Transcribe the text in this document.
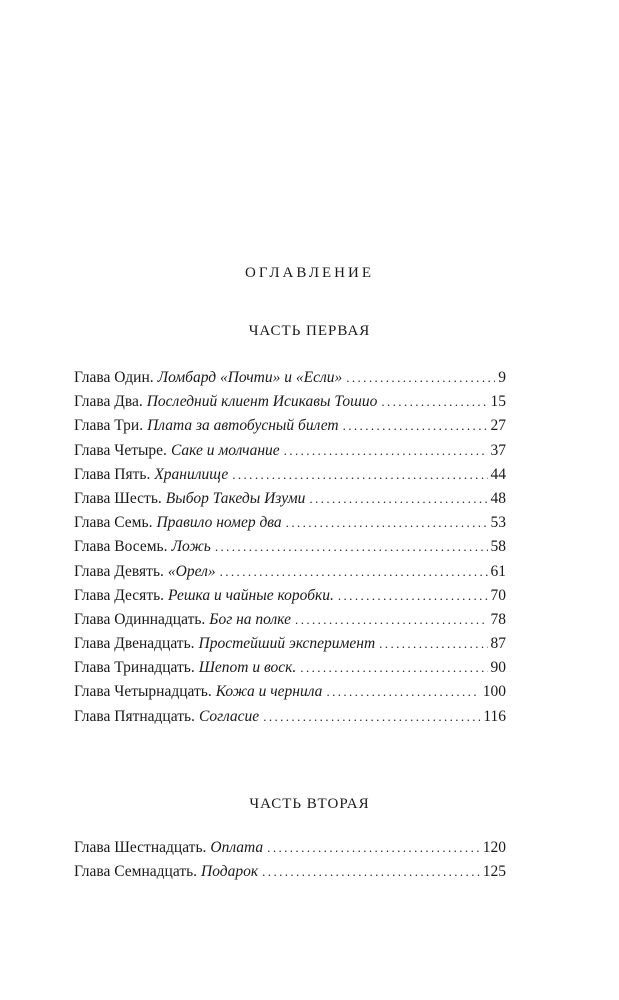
ОГЛАВЛЕНИЕ
ЧАСТЬ ПЕРВАЯ
Глава Один. Ломбард «Почти» и «Если» .....	9
Глава Два. Последний клиент Исикавы Тошио .....	15
Глава Три. Плата за автобусный билет .....	27
Глава Четыре. Саке и молчание .....	37
Глава Пять. Хранилище .....	44
Глава Шесть. Выбор Такеды Изуми .....	48
Глава Семь. Правило номер два .....	53
Глава Восемь. Ложь .....	58
Глава Девять. «Орел» .....	61
Глава Десять. Решка и чайные коробки. .....	70
Глава Одиннадцать. Бог на полке .....	78
Глава Двенадцать. Простейший эксперимент .....	87
Глава Тринадцать. Шепот и воск. .....	90
Глава Четырнадцать. Кожа и чернила .....	100
Глава Пятнадцать. Согласие .....	116
ЧАСТЬ ВТОРАЯ
Глава Шестнадцать. Оплата .....	120
Глава Семнадцать. Подарок .....	125
